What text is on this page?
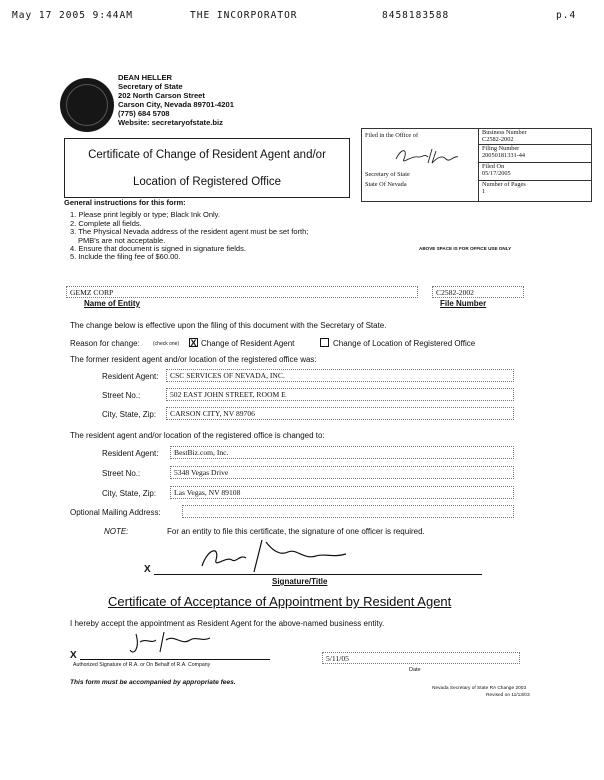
May 17 2005 9:44AM	THE INCORPORATOR	8458183588	p.4
DEAN HELLER
Secretary of State
202 North Carson Street
Carson City, Nevada 89701-4201
(775) 684 5708
Website: secretaryofstate.biz
Certificate of Change of Resident Agent and/or
Location of Registered Office
Filed in the Office of
Secretary of State
State Of Nevada
Business Number
C2582-2002
Filing Number
20050181331-44
Filed On
05/17/2005
Number of Pages
1
General instructions for this form:
1. Please print legibly or type; Black Ink Only.
2. Complete all fields.
3. The Physical Nevada address of the resident agent must be set forth;
PMB's are not acceptable.
4. Ensure that document is signed in signature fields.
5. Include the filing fee of $60.00.
ABOVE SPACE IS FOR OFFICE USE ONLY
GEMZ CORP
Name of Entity
C2582-2002
File Number
The change below is effective upon the filing of this document with the Secretary of State.
Reason for change:	(check one) X Change of Resident Agent	Change of Location of Registered Office
The former resident agent and/or location of the registered office was:
Resident Agent:	CSC SERVICES OF NEVADA, INC.
Street No.:	502 EAST JOHN STREET, ROOM E
City, State, Zip:	CARSON CITY, NV 89706
The resident agent and/or location of the registered office is changed to:
Resident Agent:	BestBiz.com, Inc.
Street No.:	5348 Vegas Drive
City, State, Zip:	Las Vegas, NV 89108
Optional Mailing Address:
NOTE:	For an entity to file this certificate, the signature of one officer is required.
X
Signature/Title
Certificate of Acceptance of Appointment by Resident Agent
I hereby accept the appointment as Resident Agent for the above-named business entity.
X
Authorized Signature of R.A. or On Behalf of R.A. Company
5/11/05
Date
This form must be accompanied by appropriate fees.
Nevada Secretary of State RA Change 2003
Revised on 11/13/03
